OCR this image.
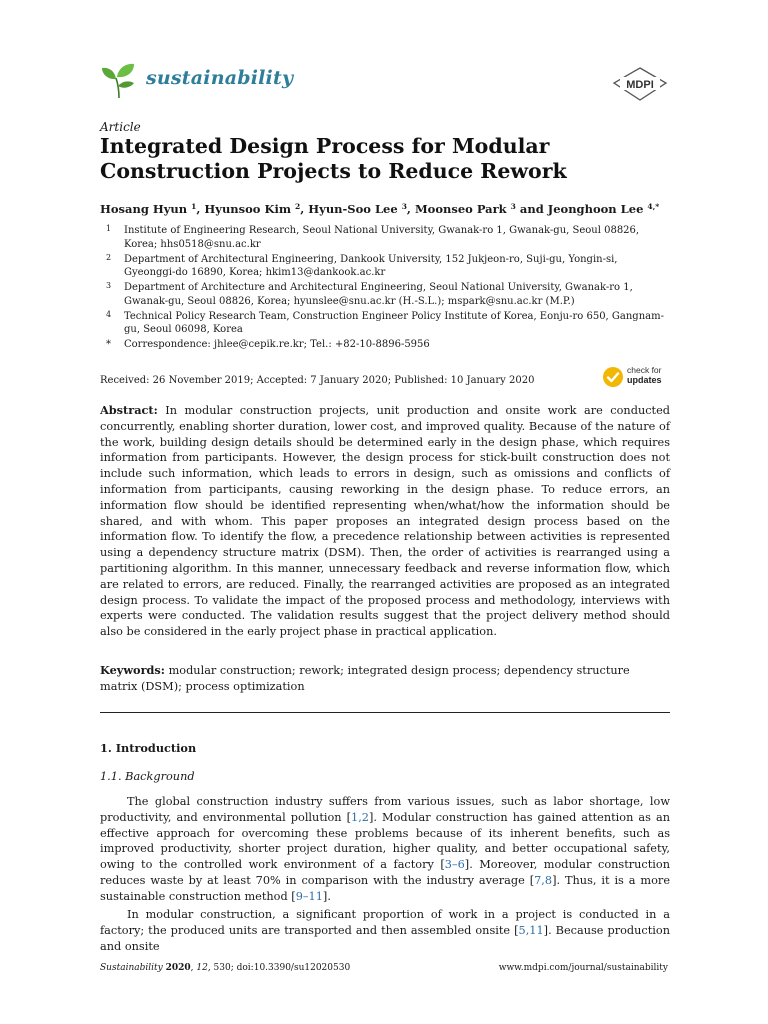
sustainability	MDPI
Article
Integrated Design Process for Modular Construction Projects to Reduce Rework
Hosang Hyun $^1$, Hyunsoo Kim $^2$, Hyun-Soo Lee $^3$, Moonseo Park $^3$ and Jeonghoon Lee $^{4,*}$
1 Institute of Engineering Research, Seoul National University, Gwanak-ro 1, Gwanak-gu, Seoul 08826, Korea; hhs0518@snu.ac.kr
2 Department of Architectural Engineering, Dankook University, 152 Jukjeon-ro, Suji-gu, Yongin-si, Gyeonggi-do 16890, Korea; hkim13@dankook.ac.kr
3 Department of Architecture and Architectural Engineering, Seoul National University, Gwanak-ro 1, Gwanak-gu, Seoul 08826, Korea; hyunslee@snu.ac.kr (H.-S.L.); mspark@snu.ac.kr (M.P.)
4 Technical Policy Research Team, Construction Engineer Policy Institute of Korea, Eonju-ro 650, Gangnam-gu, Seoul 06098, Korea
* Correspondence: jhlee@cepik.re.kr; Tel.: +82-10-8896-5956
Received: 26 November 2019; Accepted: 7 January 2020; Published: 10 January 2020
check for
updates
Abstract: In modular construction projects, unit production and onsite work are conducted concurrently, enabling shorter duration, lower cost, and improved quality. Because of the nature of the work, building design details should be determined early in the design phase, which requires information from participants. However, the design process for stick-built construction does not include such information, which leads to errors in design, such as omissions and conflicts of information from participants, causing reworking in the design phase. To reduce errors, an information flow should be identified representing when/what/how the information should be shared, and with whom. This paper proposes an integrated design process based on the information flow. To identify the flow, a precedence relationship between activities is represented using a dependency structure matrix (DSM). Then, the order of activities is rearranged using a partitioning algorithm. In this manner, unnecessary feedback and reverse information flow, which are related to errors, are reduced. Finally, the rearranged activities are proposed as an integrated design process. To validate the impact of the proposed process and methodology, interviews with experts were conducted. The validation results suggest that the project delivery method should also be considered in the early project phase in practical application.
Keywords: modular construction; rework; integrated design process; dependency structure matrix (DSM); process optimization
1. Introduction
1.1. Background
The global construction industry suffers from various issues, such as labor shortage, low productivity, and environmental pollution [1,2]. Modular construction has gained attention as an effective approach for overcoming these problems because of its inherent benefits, such as improved productivity, shorter project duration, higher quality, and better occupational safety, owing to the controlled work environment of a factory [3–6]. Moreover, modular construction reduces waste by at least 70% in comparison with the industry average [7,8]. Thus, it is a more sustainable construction method [9–11].
In modular construction, a significant proportion of work in a project is conducted in a factory; the produced units are transported and then assembled onsite [5,11]. Because production and onsite
Sustainability 2020, 12, 530; doi:10.3390/su12020530	www.mdpi.com/journal/sustainability
